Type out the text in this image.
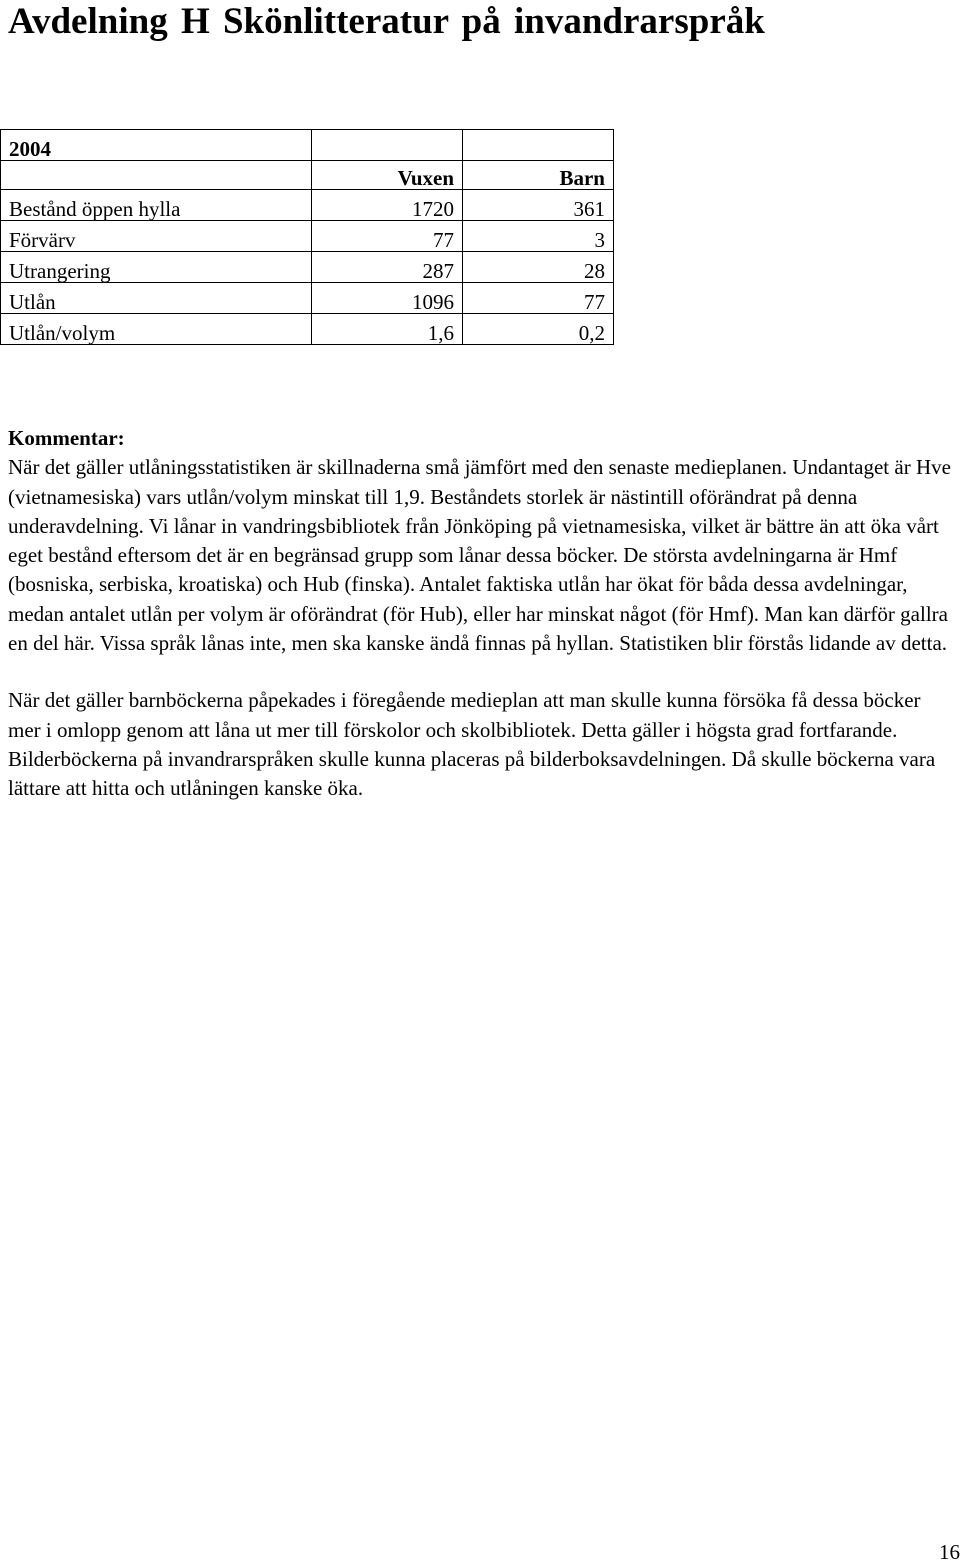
Avdelning H Skönlitteratur på invandrarspråk
2004		
	Vuxen	Barn
Bestånd öppen hylla	1720	361
Förvärv	77	3
Utrangering	287	28
Utlån	1096	77
Utlån/volym	1,6	0,2
Kommentar:

När det gäller utlåningsstatistiken är skillnaderna små jämfört med den senaste medieplanen. Undantaget är Hve (vietnamesiska) vars utlån/volym minskat till 1,9. Beståndets storlek är nästintill oförändrat på denna underavdelning. Vi lånar in vandringsbibliotek från Jönköping på vietnamesiska, vilket är bättre än att öka vårt eget bestånd eftersom det är en begränsad grupp som lånar dessa böcker. De största avdelningarna är Hmf (bosniska, serbiska, kroatiska) och Hub (finska). Antalet faktiska utlån har ökat för båda dessa avdelningar, medan antalet utlån per volym är oförändrat (för Hub), eller har minskat något (för Hmf). Man kan därför gallra en del här. Vissa språk lånas inte, men ska kanske ändå finnas på hyllan. Statistiken blir förstås lidande av detta.

När det gäller barnböckerna påpekades i föregående medieplan att man skulle kunna försöka få dessa böcker mer i omlopp genom att låna ut mer till förskolor och skolbibliotek. Detta gäller i högsta grad fortfarande. Bilderböckerna på invandrarspråken skulle kunna placeras på bilderboksavdelningen. Då skulle böckerna vara lättare att hitta och utlåningen kanske öka.

16
